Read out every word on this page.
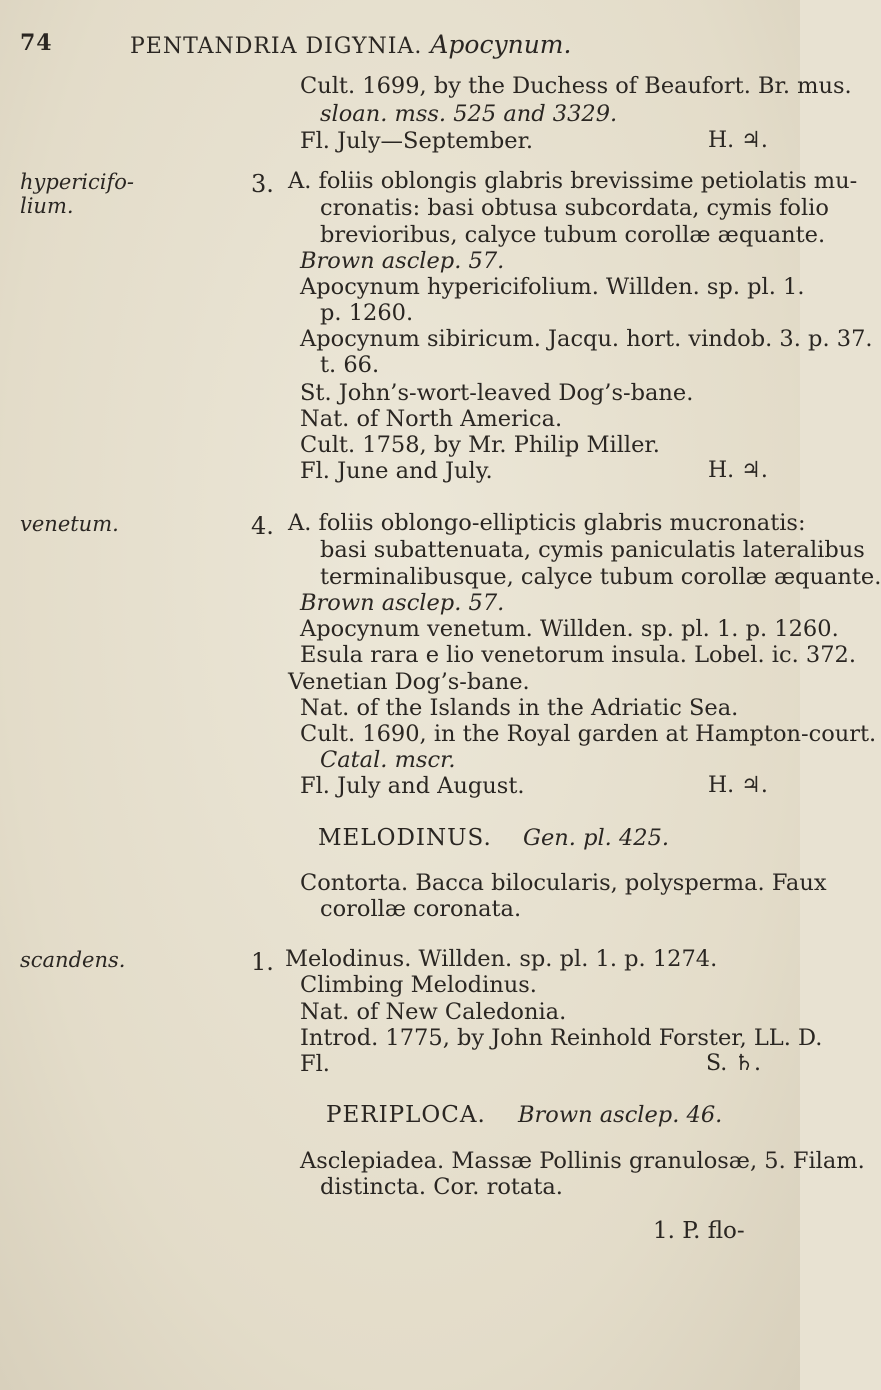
74	PENTANDRIA DIGYNIA. Apocynum.
Cult. 1699, by the Duchess of Beaufort. Br. mus.
sloan. mss. 525 and 3329.
Fl. July—September.	H. ♃.
hypericifo-
lium.
3. A. foliis oblongis glabris brevissime petiolatis mu-
cronatis: basi obtusa subcordata, cymis folio
brevioribus, calyce tubum corollæ æquante.
Brown asclep. 57.
Apocynum hypericifolium. Willden. sp. pl. 1.
p. 1260.
Apocynum sibiricum. Jacqu. hort. vindob. 3. p. 37.
t. 66.
St. John’s-wort-leaved Dog’s-bane.
Nat. of North America.
Cult. 1758, by Mr. Philip Miller.
Fl. June and July.	H. ♃.
venetum.	4. A. foliis oblongo-ellipticis glabris mucronatis:
basi subattenuata, cymis paniculatis lateralibus
terminalibusque, calyce tubum corollæ æquante.
Brown asclep. 57.
Apocynum venetum. Willden. sp. pl. 1. p. 1260.
Esula rara e lio venetorum insula. Lobel. ic. 372.
Venetian Dog’s-bane.
Nat. of the Islands in the Adriatic Sea.
Cult. 1690, in the Royal garden at Hampton-court.
Catal. mscr.
Fl. July and August.	H. ♃.
MELODINUS. Gen. pl. 425.
Contorta. Bacca bilocularis, polysperma. Faux
corollæ coronata.
scandens.	1. Melodinus. Willden. sp. pl. 1. p. 1274.
Climbing Melodinus.
Nat. of New Caledonia.
Introd. 1775, by John Reinhold Forster, LL. D.
Fl.	S. ♄.
PERIPLOCA. Brown asclep. 46.
Asclepiadea. Massæ Pollinis granulosæ, 5. Filam.
distincta. Cor. rotata.
1. P. flo-
